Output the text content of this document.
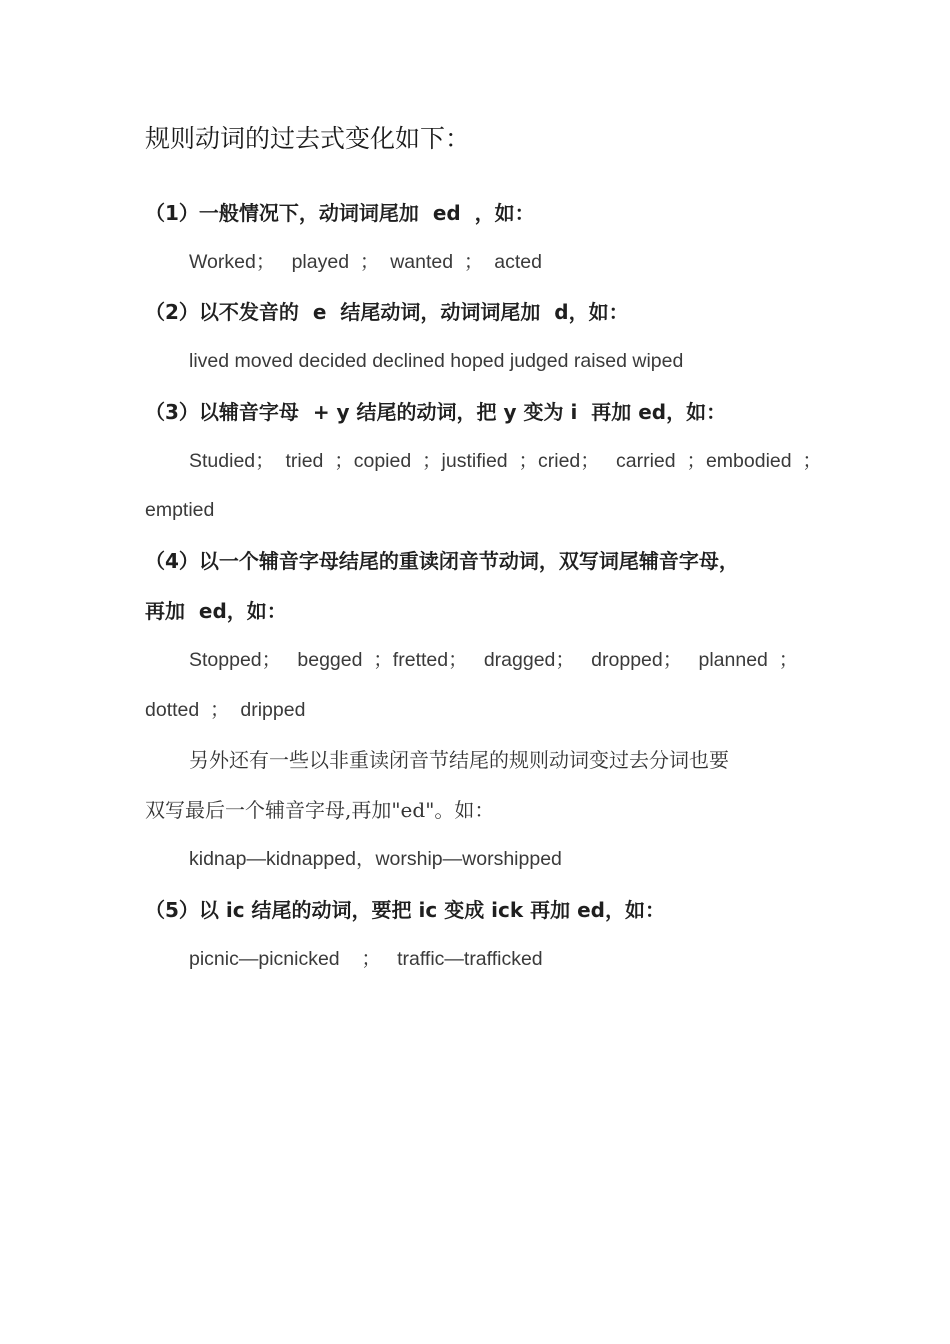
规则动词的过去式变化如下：
（1）一般情况下，动词词尾加  ed  ，如：
Worked；   played  ；  wanted  ；  acted
（2）以不发音的  e  结尾动词，动词词尾加  d，如：
lived moved decided declined hoped judged raised wiped
（3）以辅音字母  + y 结尾的动词，把 y 变为 i  再加 ed，如：
Studied；  tried  ；copied  ；justified  ；cried；   carried  ；embodied  ；
emptied
（4）以一个辅音字母结尾的重读闭音节动词，双写词尾辅音字母，
再加  ed，如：
Stopped；   begged  ；fretted；   dragged；   dropped；   planned  ；
dotted  ；  dripped
另外还有一些以非重读闭音节结尾的规则动词变过去分词也要
双写最后一个辅音字母,再加"ed"。如：
kidnap—kidnapped，worship—worshipped
（5）以 ic 结尾的动词，要把 ic 变成 ick 再加 ed，如：
picnic—picnicked    ；   traffic—trafficked
